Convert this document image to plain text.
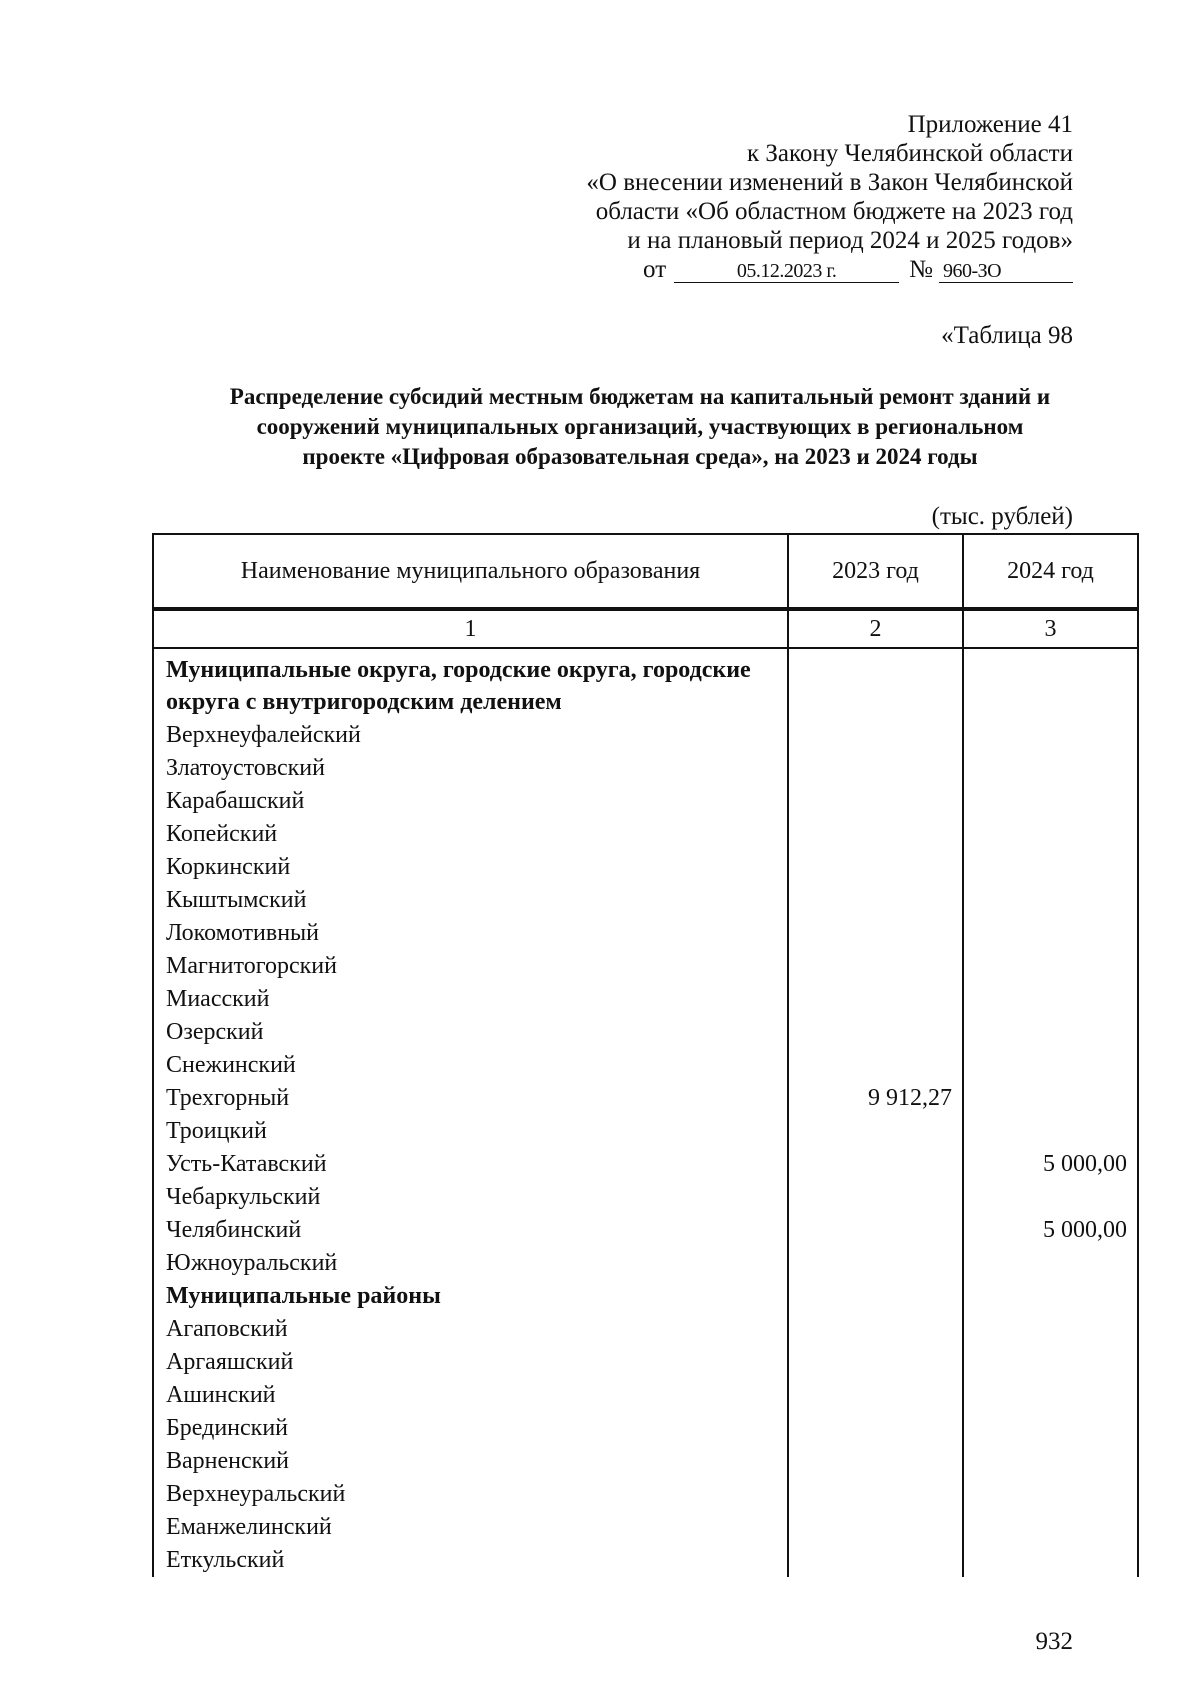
Приложение 41
к Закону Челябинской области
«О внесении изменений в Закон Челябинской
области «Об областном бюджете на 2023 год
и на плановый период 2024 и 2025 годов»
от	05.12.2023 г.	№ 960-ЗО
«Таблица 98
Распределение субсидий местным бюджетам на капитальный ремонт зданий и
сооружений муниципальных организаций, участвующих в региональном
проекте «Цифровая образовательная среда», на 2023 и 2024 годы
(тыс. рублей)
Наименование муниципального образования	2023 год	2024 год
1	2	3
Муниципальные округа, городские округа, городские округа с внутригородским делением		
Верхнеуфалейский		
Златоустовский		
Карабашский		
Копейский		
Коркинский		
Кыштымский		
Локомотивный		
Магнитогорский		
Миасский		
Озерский		
Снежинский		
Трехгорный	9 912,27	
Троицкий		
Усть-Катавский		5 000,00
Чебаркульский		
Челябинский		5 000,00
Южноуральский		
Муниципальные районы		
Агаповский		
Аргаяшский		
Ашинский		
Брединский		
Варненский		
Верхнеуральский		
Еманжелинский		
Еткульский		
932
